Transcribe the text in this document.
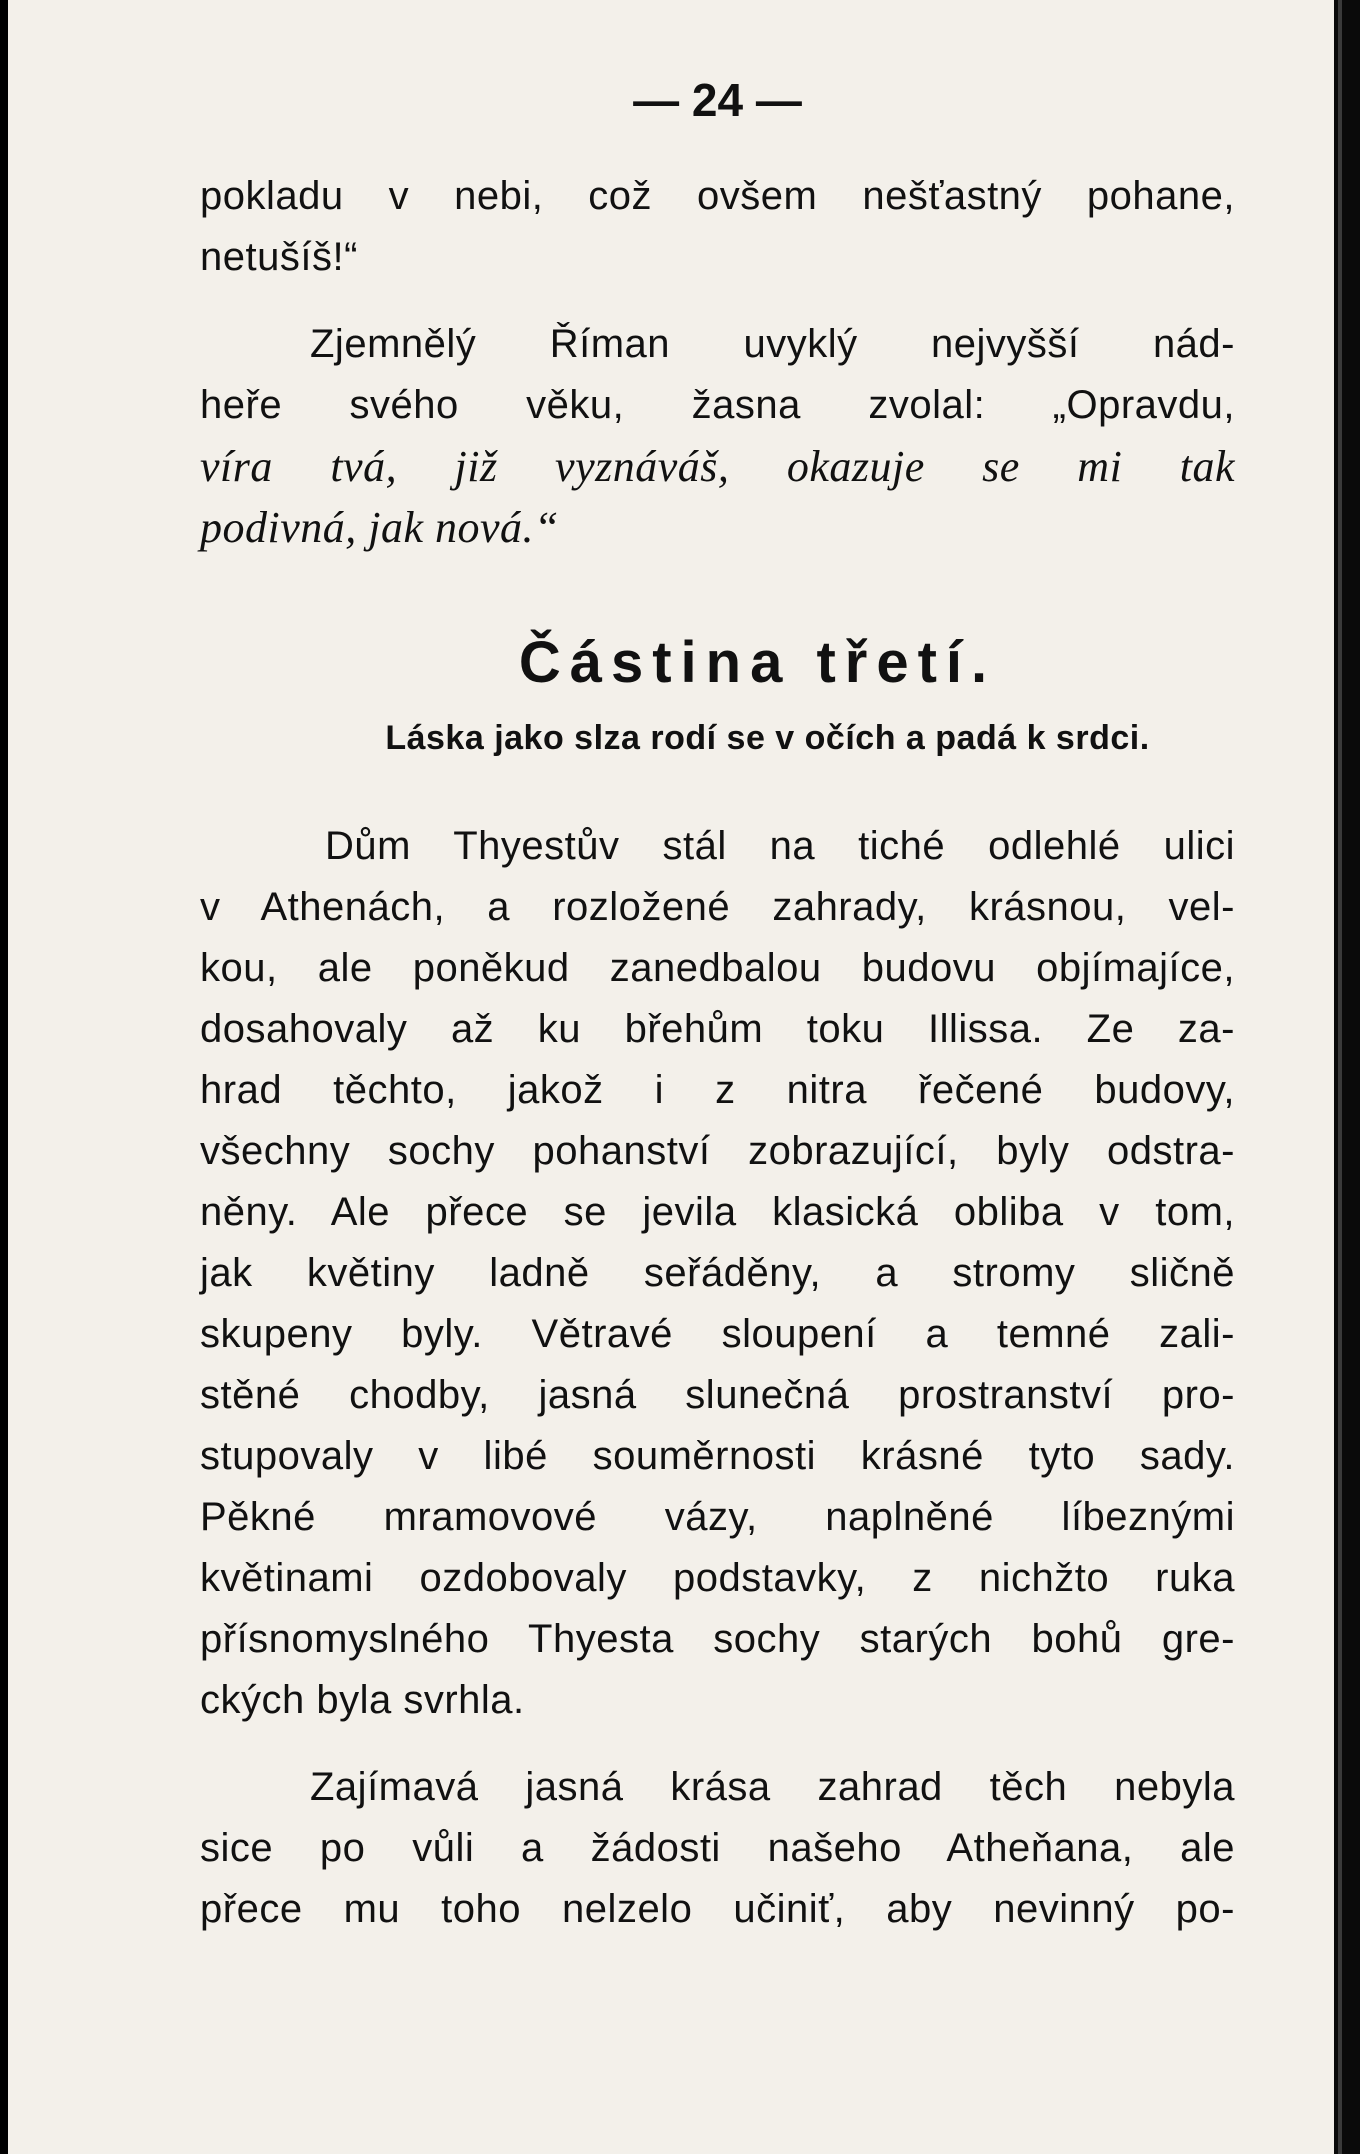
— 24 —
pokladu v nebi, což ovšem nešťastný pohane,
netušíš!“
Zjemnělý Říman uvyklý nejvyšší nád-
heře svého věku, žasna zvolal: „Opravdu,
víra tvá, již vyznáváš, okazuje se mi tak
podivná, jak nová.“
Částina třetí.
Láska jako slza rodí se v očích a padá k srdci.
Dům Thyestův stál na tiché odlehlé ulici
v Athenách, a rozložené zahrady, krásnou, vel-
kou, ale poněkud zanedbalou budovu objímajíce,
dosahovaly až ku břehům toku Illissa. Ze za-
hrad těchto, jakož i z nitra řečené budovy,
všechny sochy pohanství zobrazující, byly odstra-
něny. Ale přece se jevila klasická obliba v tom,
jak květiny ladně seřáděny, a stromy sličně
skupeny byly. Větravé sloupení a temné zali-
stěné chodby, jasná slunečná prostranství pro-
stupovaly v libé souměrnosti krásné tyto sady.
Pěkné mramovové vázy, naplněné líbeznými
květinami ozdobovaly podstavky, z nichžto ruka
přísnomyslného Thyesta sochy starých bohů gre-
ckých byla svrhla.
Zajímavá jasná krása zahrad těch nebyla
sice po vůli a žádosti našeho Atheňana, ale
přece mu toho nelzelo učiniť, aby nevinný po-
